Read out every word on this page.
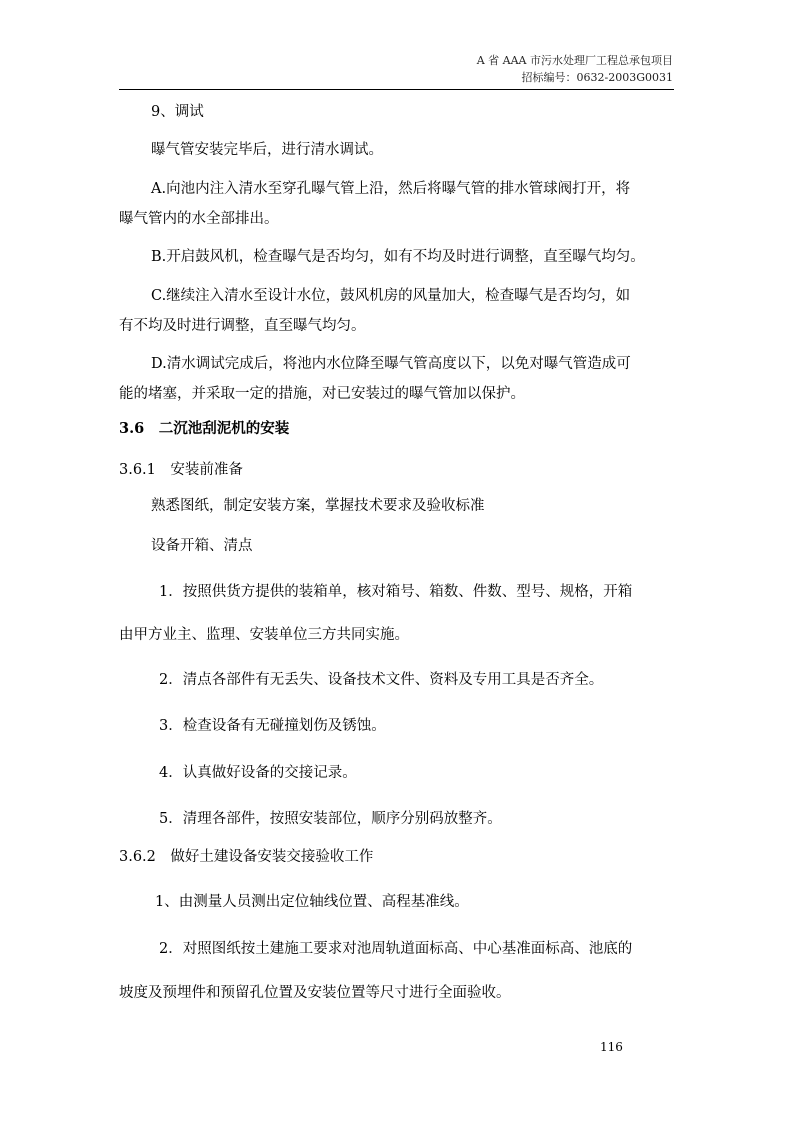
A 省 AAA 市污水处理厂工程总承包项目
招标编号：0632-2003G0031
9、调试
曝气管安装完毕后，进行清水调试。
A.向池内注入清水至穿孔曝气管上沿，然后将曝气管的排水管球阀打开，将
曝气管内的水全部排出。
B.开启鼓风机，检查曝气是否均匀，如有不均及时进行调整，直至曝气均匀。
C.继续注入清水至设计水位，鼓风机房的风量加大，检查曝气是否均匀，如
有不均及时进行调整，直至曝气均匀。
D.清水调试完成后，将池内水位降至曝气管高度以下，以免对曝气管造成可
能的堵塞，并采取一定的措施，对已安装过的曝气管加以保护。
3.6　二沉池刮泥机的安装
3.6.1　安装前准备
熟悉图纸，制定安装方案，掌握技术要求及验收标准
设备开箱、清点
1．按照供货方提供的装箱单，核对箱号、箱数、件数、型号、规格，开箱
由甲方业主、监理、安装单位三方共同实施。
2．清点各部件有无丢失、设备技术文件、资料及专用工具是否齐全。
3．检查设备有无碰撞划伤及锈蚀。
4．认真做好设备的交接记录。
5．清理各部件，按照安装部位，顺序分别码放整齐。
3.6.2　做好土建设备安装交接验收工作
1、由测量人员测出定位轴线位置、高程基准线。
2．对照图纸按土建施工要求对池周轨道面标高、中心基准面标高、池底的
坡度及预埋件和预留孔位置及安装位置等尺寸进行全面验收。
116
